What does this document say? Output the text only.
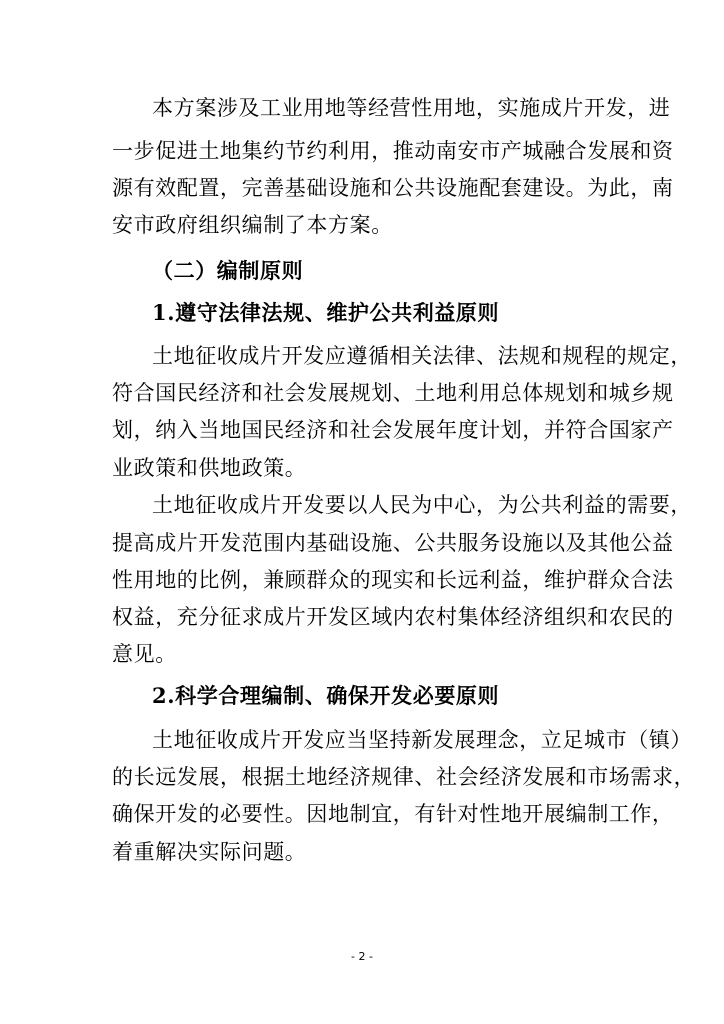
本方案涉及工业用地等经营性用地，实施成片开发，进
一步促进土地集约节约利用，推动南安市产城融合发展和资
源有效配置，完善基础设施和公共设施配套建设。为此，南
安市政府组织编制了本方案。
（二）编制原则
1.遵守法律法规、维护公共利益原则
土地征收成片开发应遵循相关法律、法规和规程的规定，
符合国民经济和社会发展规划、土地利用总体规划和城乡规
划，纳入当地国民经济和社会发展年度计划，并符合国家产
业政策和供地政策。
土地征收成片开发要以人民为中心，为公共利益的需要，
提高成片开发范围内基础设施、公共服务设施以及其他公益
性用地的比例，兼顾群众的现实和长远利益，维护群众合法
权益，充分征求成片开发区域内农村集体经济组织和农民的
意见。
2.科学合理编制、确保开发必要原则
土地征收成片开发应当坚持新发展理念，立足城市（镇）
的长远发展，根据土地经济规律、社会经济发展和市场需求，
确保开发的必要性。因地制宜，有针对性地开展编制工作，
着重解决实际问题。
- 2 -
